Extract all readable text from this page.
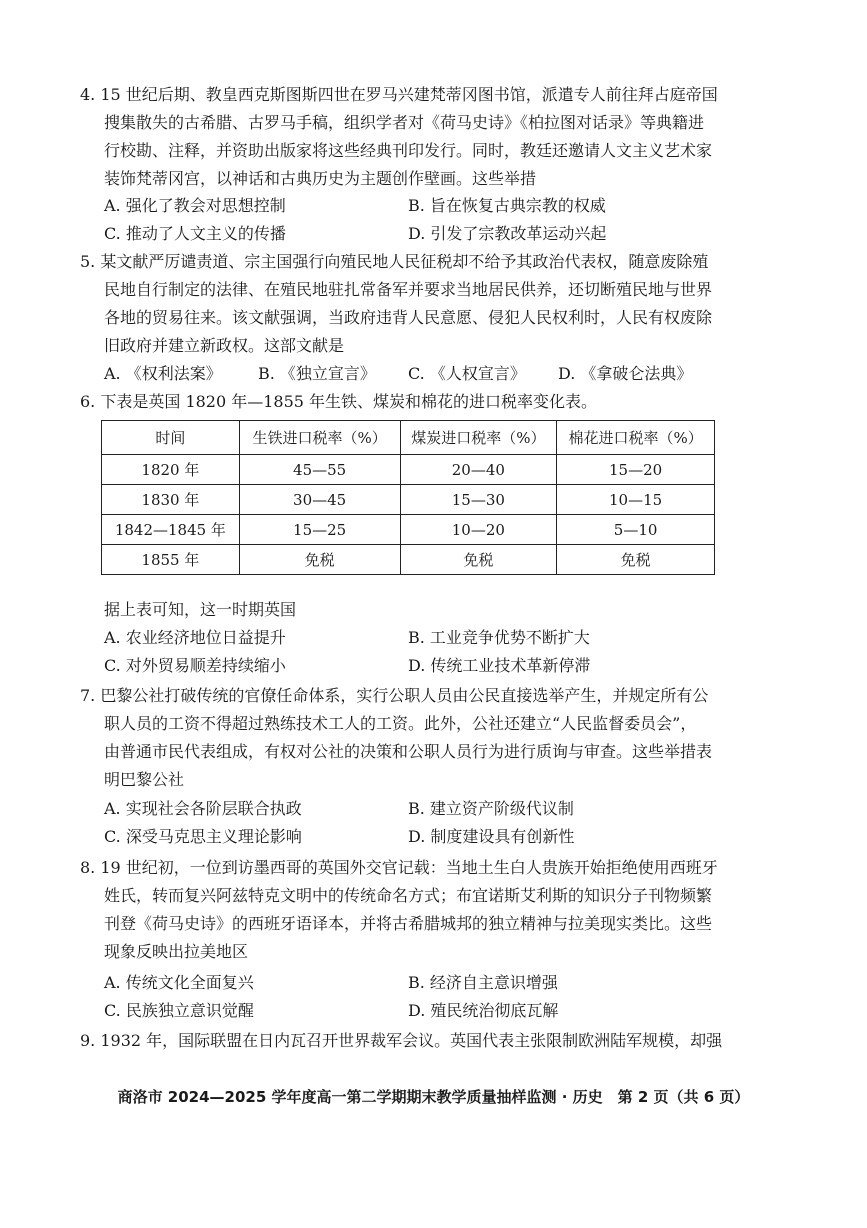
4. 15 世纪后期、教皇西克斯图斯四世在罗马兴建梵蒂冈图书馆，派遣专人前往拜占庭帝国
搜集散失的古希腊、古罗马手稿，组织学者对《荷马史诗》《柏拉图对话录》等典籍进
行校勘、注释，并资助出版家将这些经典刊印发行。同时，教廷还邀请人文主义艺术家
装饰梵蒂冈宫，以神话和古典历史为主题创作壁画。这些举措
A. 强化了教会对思想控制	B. 旨在恢复古典宗教的权威
C. 推动了人文主义的传播	D. 引发了宗教改革运动兴起
5. 某文献严厉谴责道、宗主国强行向殖民地人民征税却不给予其政治代表权，随意废除殖
民地自行制定的法律、在殖民地驻扎常备军并要求当地居民供养，还切断殖民地与世界
各地的贸易往来。该文献强调，当政府违背人民意愿、侵犯人民权利时，人民有权废除
旧政府并建立新政权。这部文献是
A. 《权利法案》 B. 《独立宣言》 C. 《人权宣言》 D. 《拿破仑法典》
6. 下表是英国 1820 年—1855 年生铁、煤炭和棉花的进口税率变化表。
时间	生铁进口税率（%）	煤炭进口税率（%）	棉花进口税率（%）
1820 年	45—55	20—40	15—20
1830 年	30—45	15—30	10—15
1842—1845 年	15—25	10—20	5—10
1855 年	免税	免税	免税
据上表可知，这一时期英国
A. 农业经济地位日益提升	B. 工业竞争优势不断扩大
C. 对外贸易顺差持续缩小	D. 传统工业技术革新停滞
7. 巴黎公社打破传统的官僚任命体系，实行公职人员由公民直接选举产生，并规定所有公
职人员的工资不得超过熟练技术工人的工资。此外，公社还建立“人民监督委员会”，
由普通市民代表组成，有权对公社的决策和公职人员行为进行质询与审查。这些举措表
明巴黎公社
A. 实现社会各阶层联合执政	B. 建立资产阶级代议制
C. 深受马克思主义理论影响	D. 制度建设具有创新性
8. 19 世纪初，一位到访墨西哥的英国外交官记载：当地土生白人贵族开始拒绝使用西班牙
姓氏，转而复兴阿兹特克文明中的传统命名方式；布宜诺斯艾利斯的知识分子刊物频繁
刊登《荷马史诗》的西班牙语译本，并将古希腊城邦的独立精神与拉美现实类比。这些
现象反映出拉美地区
A. 传统文化全面复兴	B. 经济自主意识增强
C. 民族独立意识觉醒	D. 殖民统治彻底瓦解
9. 1932 年，国际联盟在日内瓦召开世界裁军会议。英国代表主张限制欧洲陆军规模，却强
商洛市 2024—2025 学年度高一第二学期期末教学质量抽样监测 · 历史　第 2 页（共 6 页）
